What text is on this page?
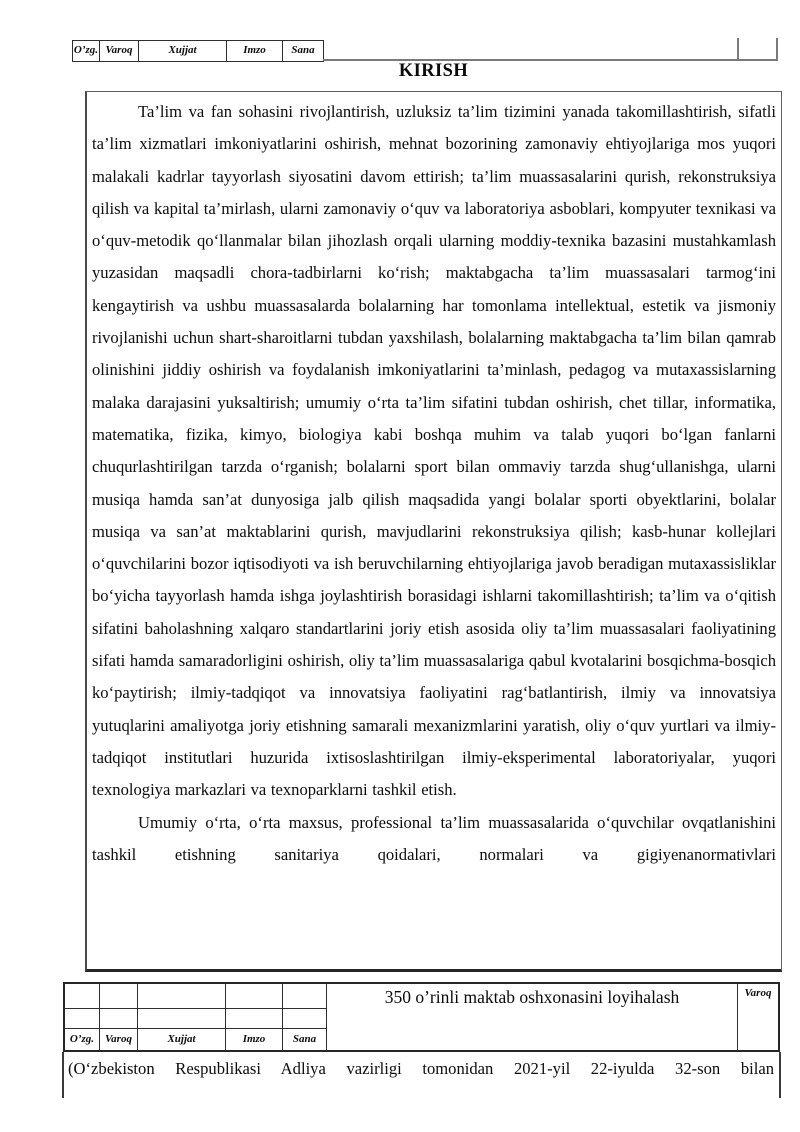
O’zg. Varoq	Xujjat	Imzo	Sana
KIRISH

Ta’lim va fan sohasini rivojlantirish, uzluksiz ta’lim tizimini yanada takomillashtirish, sifatli ta’lim xizmatlari imkoniyatlarini oshirish, mehnat bozorining zamonaviy ehtiyojlariga mos yuqori malakali kadrlar tayyorlash siyosatini davom ettirish; ta’lim muassasalarini qurish, rekonstruksiya qilish va kapital ta’mirlash, ularni zamonaviy o‘quv va laboratoriya asboblari, kompyuter texnikasi va o‘quv-metodik qo‘llanmalar bilan jihozlash orqali ularning moddiy-texnika bazasini mustahkamlash yuzasidan maqsadli chora-tadbirlarni ko‘rish; maktabgacha ta’lim muassasalari tarmog‘ini kengaytirish va ushbu muassasalarda bolalarning har tomonlama intellektual, estetik va jismoniy rivojlanishi uchun shart-sharoitlarni tubdan yaxshilash, bolalarning maktabgacha ta’lim bilan qamrab olinishini jiddiy oshirish va foydalanish imkoniyatlarini ta’minlash, pedagog va mutaxassislarning malaka darajasini yuksaltirish; umumiy o‘rta ta’lim sifatini tubdan oshirish, chet tillar, informatika, matematika, fizika, kimyo, biologiya kabi boshqa muhim va talab yuqori bo‘lgan fanlarni chuqurlashtirilgan tarzda o‘rganish; bolalarni sport bilan ommaviy tarzda shug‘ullanishga, ularni musiqa hamda san’at dunyosiga jalb qilish maqsadida yangi bolalar sporti obyektlarini, bolalar musiqa va san’at maktablarini qurish, mavjudlarini rekonstruksiya qilish; kasb-hunar kollejlari o‘quvchilarini bozor iqtisodiyoti va ish beruvchilarning ehtiyojlariga javob beradigan mutaxassisliklar bo‘yicha tayyorlash hamda ishga joylashtirish borasidagi ishlarni takomillashtirish; ta’lim va o‘qitish sifatini baholashning xalqaro standartlarini joriy etish asosida oliy ta’lim muassasalari faoliyatining sifati hamda samaradorligini oshirish, oliy ta’lim muassasalariga qabul kvotalarini bosqichma-bosqich ko‘paytirish; ilmiy-tadqiqot va innovatsiya faoliyatini rag‘batlantirish, ilmiy va innovatsiya yutuqlarini amaliyotga joriy etishning samarali mexanizmlarini yaratish, oliy o‘quv yurtlari va ilmiy-tadqiqot institutlari huzurida ixtisoslashtirilgan ilmiy-eksperimental laboratoriyalar, yuqori texnologiya markazlari va texnoparklarni tashkil etish.

Umumiy o‘rta, o‘rta maxsus, professional ta’lim muassasalarida o‘quvchilar ovqatlanishini tashkil etishning sanitariya qoidalari, normalari va gigiyenanormativlari

O’zg. Varoq	Xujjat	Imzo	Sana
350 o’rinli maktab oshxonasini loyihalash	Varoq

(O‘zbekiston Respublikasi Adliya vazirligi tomonidan 2021-yil 22-iyulda 32-son bilan
